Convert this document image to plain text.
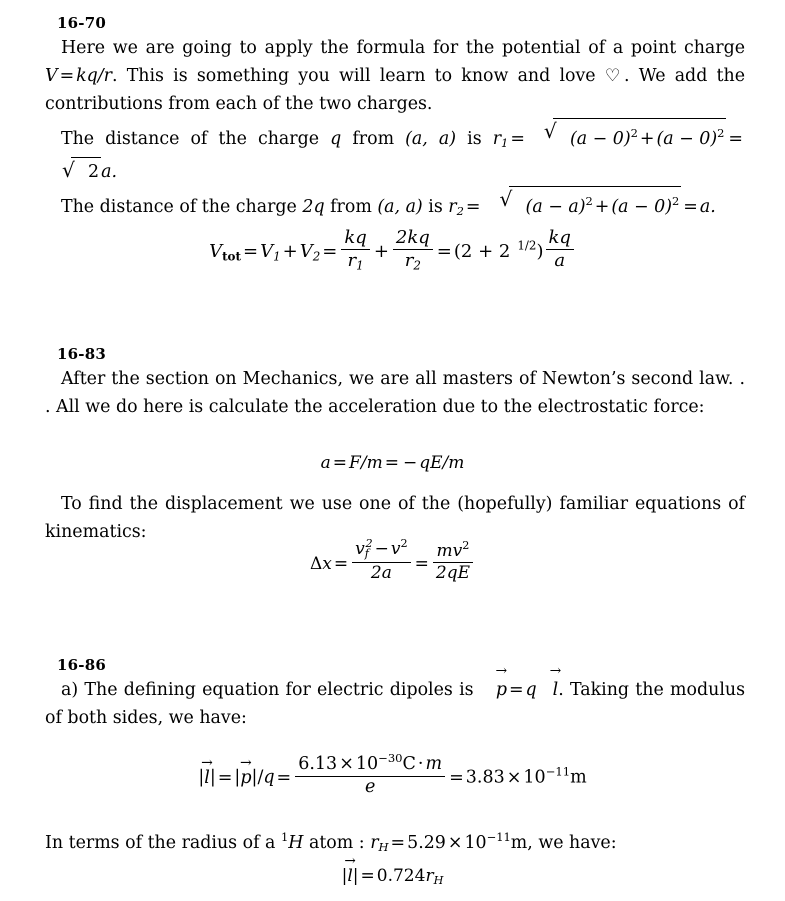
16-70

Here we are going to apply the formula for the potential of a point charge V = kq/r. This is something you will learn to know and love ♡. We add the contributions from each of the two charges.

The distance of the charge q from (a, a) is $r_1$ =	√ $(a - 0)^2 + (a - 0)^2$ =√ 2 a.

The distance of the charge 2q from (a, a) is $r_2$ =	√ $(a - a)^2 + (a - 0)^2 = a$.

$V_{tot} = V_1 + V_2 = \frac{kq}{r_1} + \frac{2kq}{r_2} = (2 + 2$ $^{1/2}) \frac{kq}{a}$
16-83

After the section on Mechanics, we are all masters of Newton’s second law. . . All we do here is calculate the acceleration due to the electrostatic force:

a = F/m = − qE/m

To find the displacement we use one of the (hopefully) familiar equations of kinematics:

$\Delta x = \frac{v_f^2 - v^2}{2a} = \frac{mv^2}{2qE}$
16-86

a) The defining equation for electric dipoles is
→
p = q
→
l. Taking the modulus of both sides, we have:

|
→
l| = |
→
$p|/q = \frac{6.13 \times 10^{-30}C \cdot m}{e} = 3.83 \times 10^{-11}m$

In terms of the radius of a $^1$H atom : $r_H = 5.29 \times 10^{-11}m$, we have:

|
→
$l| = 0.724r_H$
